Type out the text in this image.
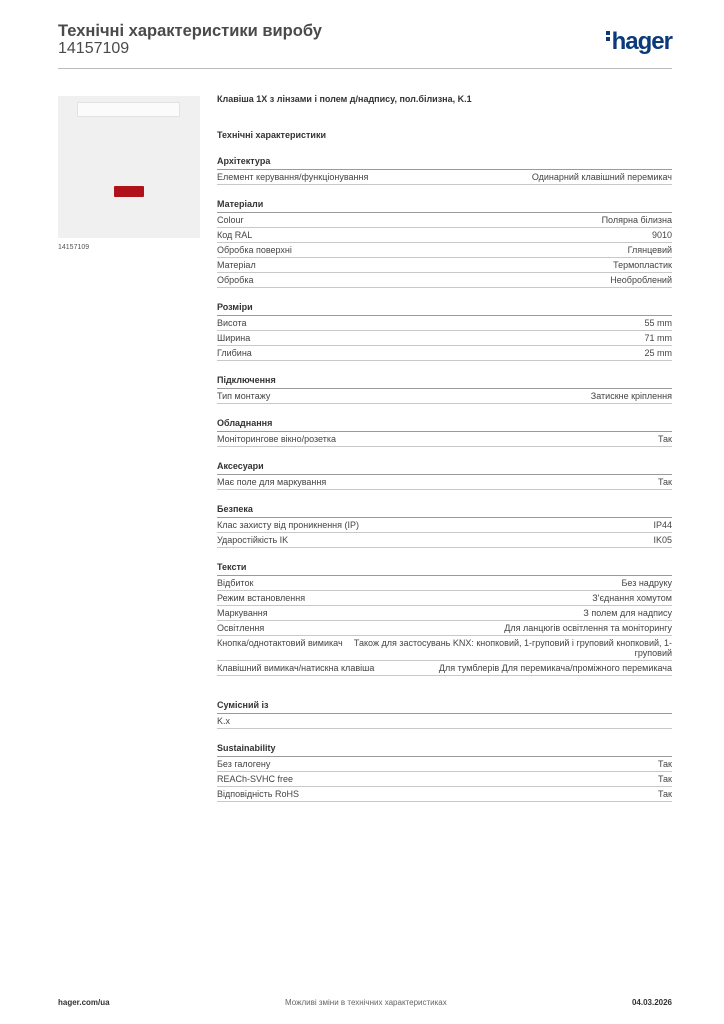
Технічні характеристики виробу
14157109	hager
14157109
Клавіша 1X з лінзами і полем д/надпису, пол.білизна, K.1
Технічні характеристики
Архітектура
Елемент керування/функціонування	Одинарний клавішний перемикач
Матеріали
Colour	Полярна білизна
Код RAL	9010
Обробка поверхні	Глянцевий
Матеріал	Термопластик
Обробка	Необроблений
Розміри
Висота	55 mm
Ширина	71 mm
Глибина	25 mm
Підключення
Тип монтажу	Затискне кріплення
Обладнання
Моніторингове вікно/розетка	Так
Аксесуари
Має поле для маркування	Так
Безпека
Клас захисту від проникнення (IP)	IP44
Ударостійкість IK	IK05
Тексти
Відбиток	Без надруку
Режим встановлення	З'єднання хомутом
Маркування	З полем для надпису
Освітлення	Для ланцюгів освітлення та моніторингу
Кнопка/однотактовий вимикач	Також для застосувань KNX: кнопковий, 1-груповий і груповий кнопковий, 1-груповий
Клавішний вимикач/натискна клавіша	Для тумблерів Для перемикача/проміжного перемикача
Сумісний із
K.x
Sustainability
Без галогену	Так
REACh-SVHC free	Так
Відповідність RoHS	Так
hager.com/ua	Можливі зміни в технічних характеристиках	04.03.2026
